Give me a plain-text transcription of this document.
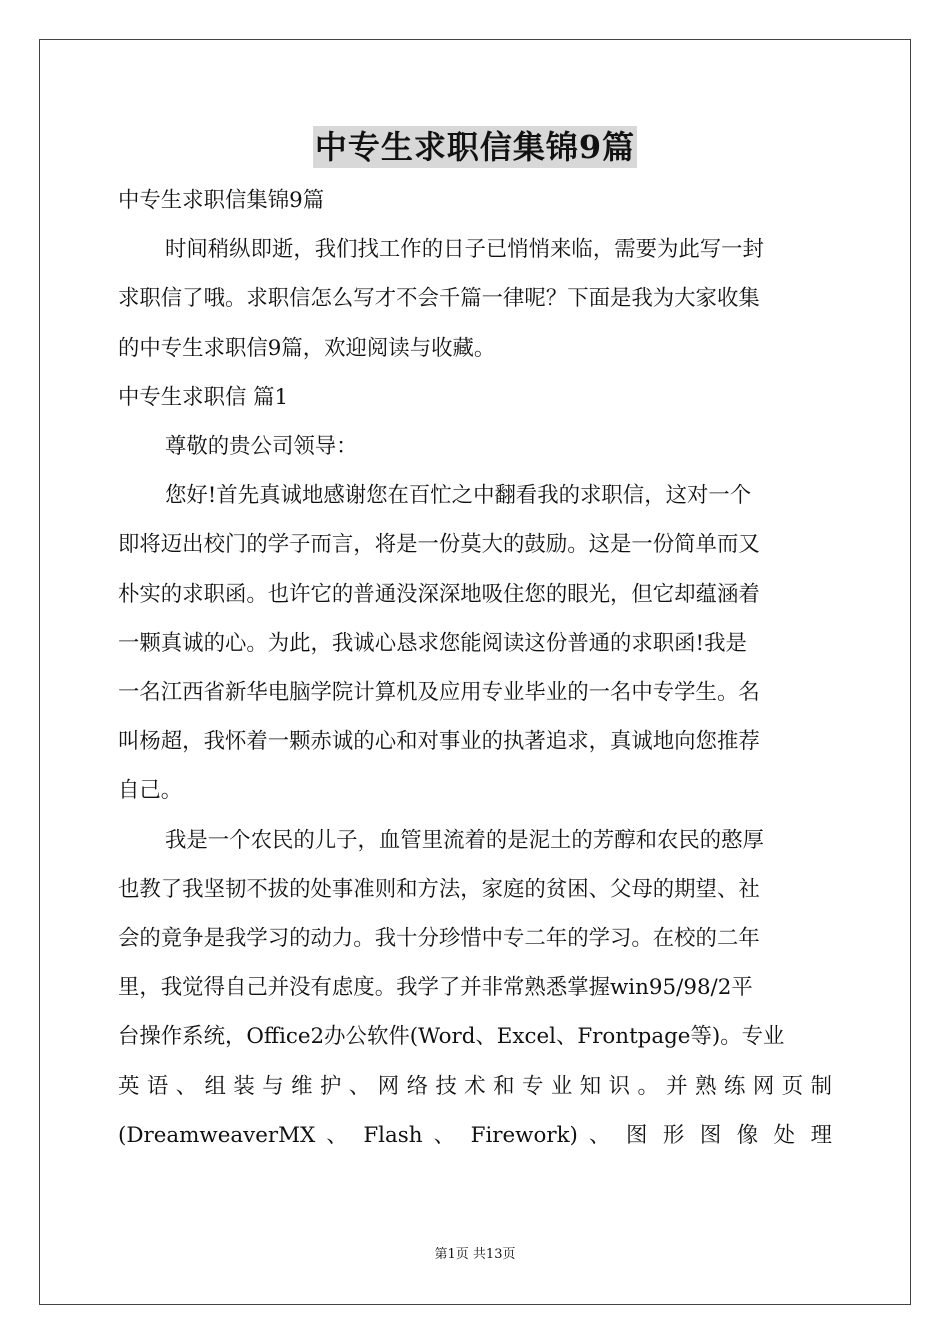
中专生求职信集锦9篇

中专生求职信集锦9篇

时间稍纵即逝，我们找工作的日子已悄悄来临，需要为此写一封

求职信了哦。求职信怎么写才不会千篇一律呢？下面是我为大家收集

的中专生求职信9篇，欢迎阅读与收藏。

中专生求职信 篇1

尊敬的贵公司领导：

您好!首先真诚地感谢您在百忙之中翻看我的求职信，这对一个

即将迈出校门的学子而言，将是一份莫大的鼓励。这是一份简单而又

朴实的求职函。也许它的普通没深深地吸住您的眼光，但它却蕴涵着

一颗真诚的心。为此，我诚心恳求您能阅读这份普通的求职函!我是

一名江西省新华电脑学院计算机及应用专业毕业的一名中专学生。名

叫杨超，我怀着一颗赤诚的心和对事业的执著追求，真诚地向您推荐

自己。

我是一个农民的儿子，血管里流着的是泥土的芳醇和农民的憨厚

也教了我坚韧不拔的处事准则和方法，家庭的贫困、父母的期望、社

会的竟争是我学习的动力。我十分珍惜中专二年的学习。在校的二年

里，我觉得自己并没有虑度。我学了并非常熟悉掌握win95/98/2平

台操作系统，Office2办公软件(Word、Excel、Frontpage等)。专业

英 语 、 组 装 与 维 护 、 网 络 技 术 和 专 业 知 识 。 并 熟 练 网 页 制

(DreamweaverMX 、 Flash 、 Firework) 、 图 形 图 像 处 理

第1页 共13页
